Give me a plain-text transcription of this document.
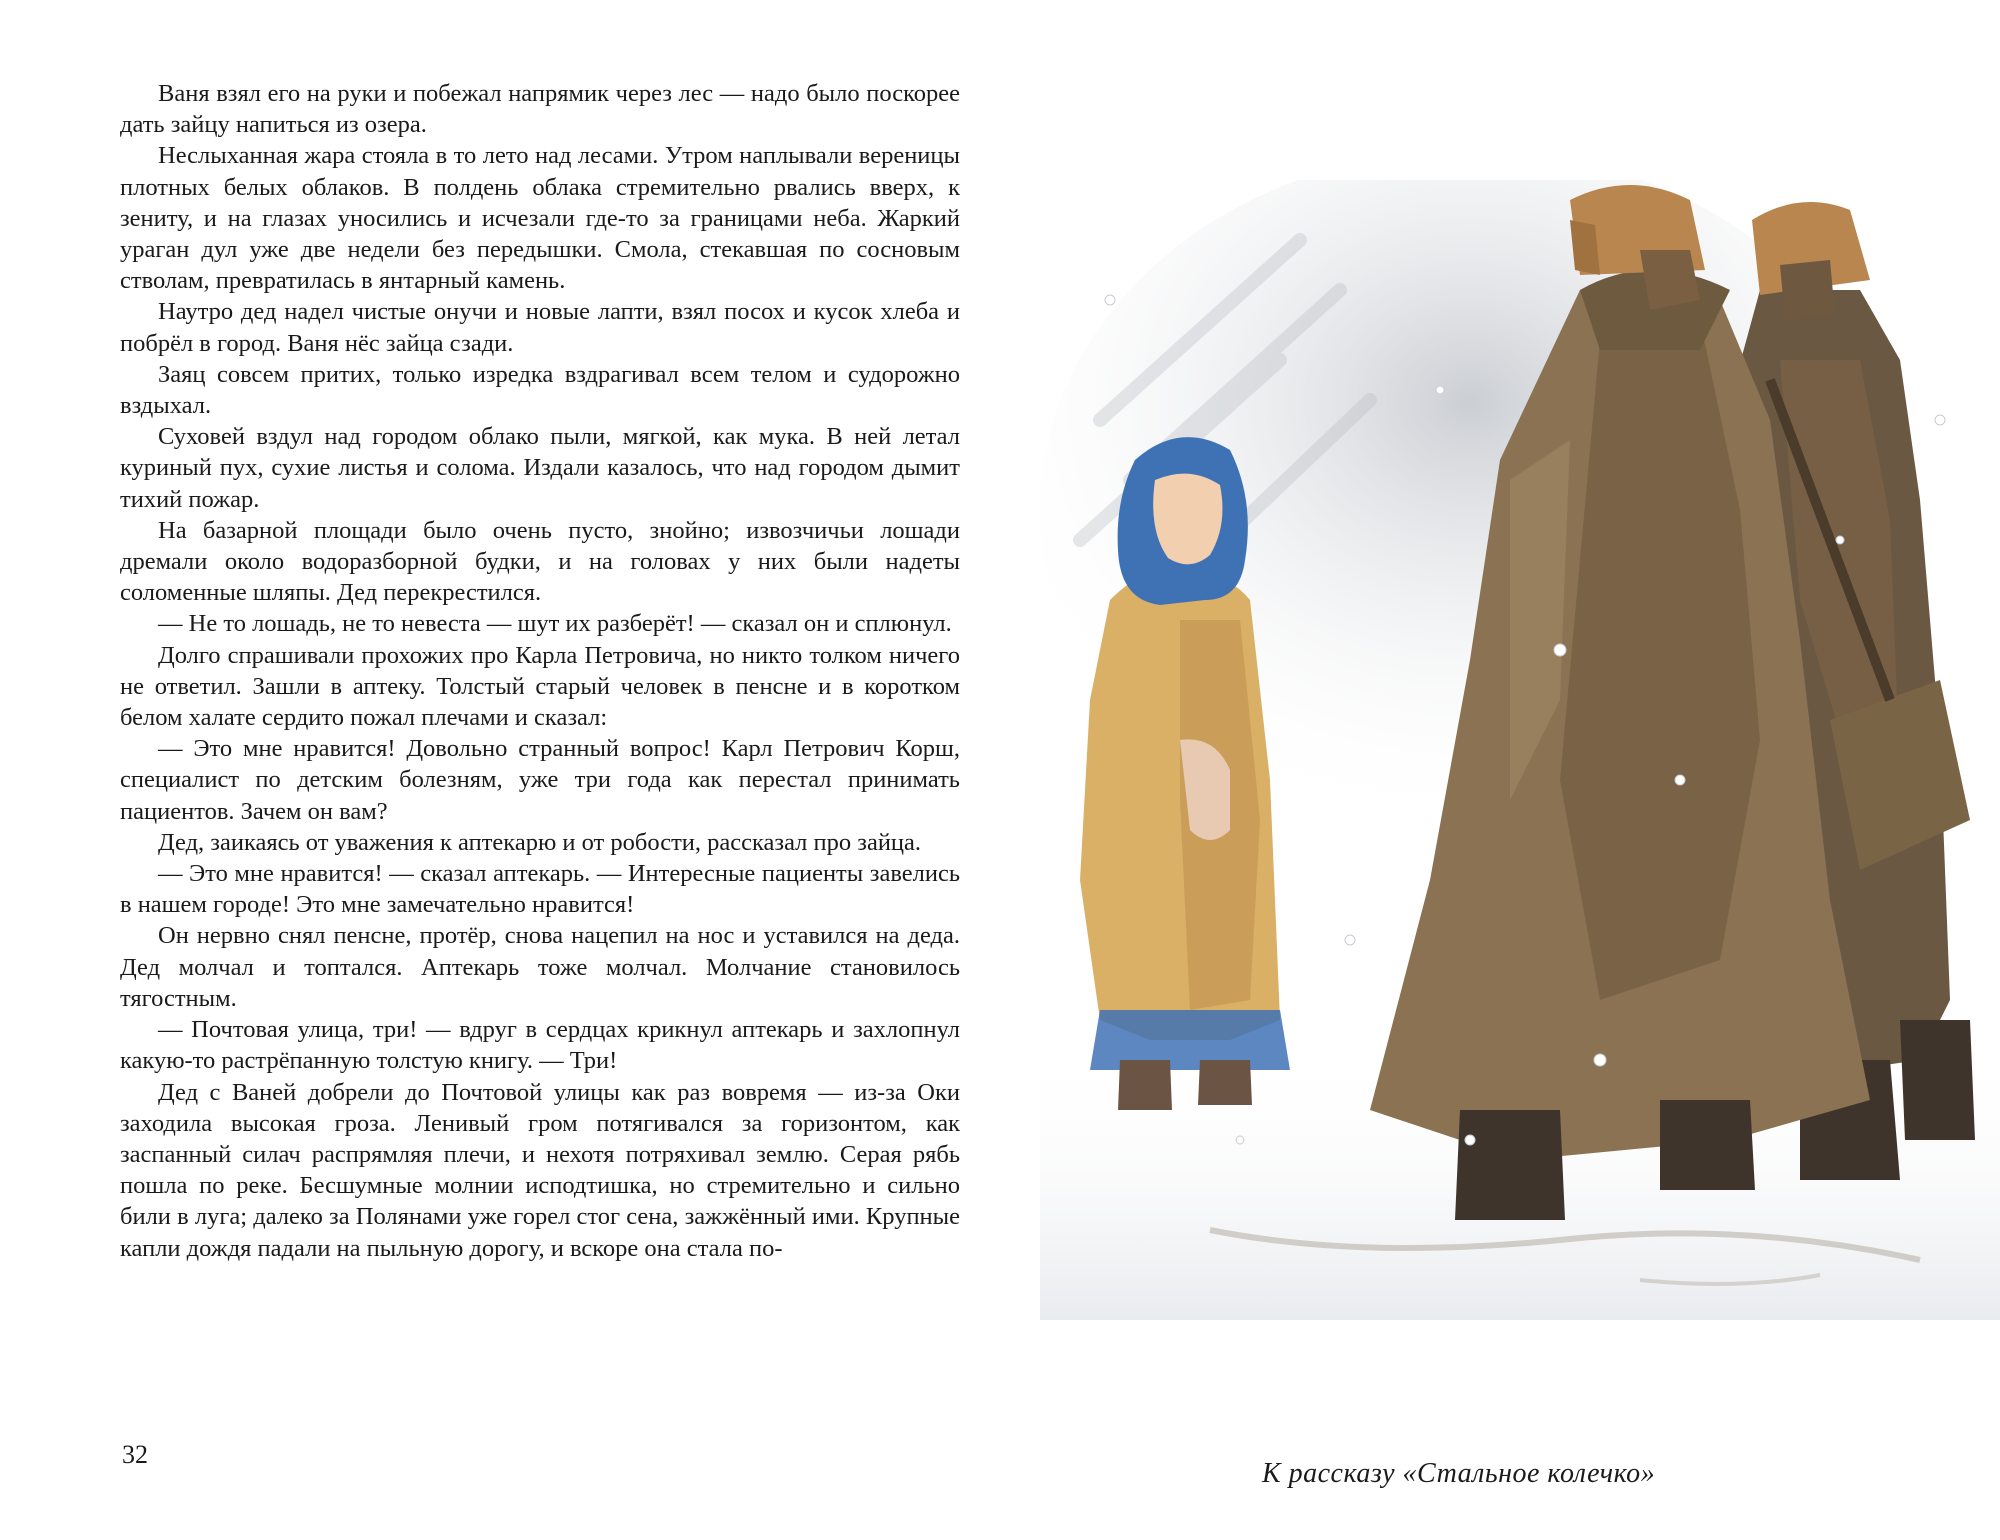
Ваня взял его на руки и побежал напрямик через лес — надо было поскорее дать зайцу напиться из озера.

Неслыханная жара стояла в то лето над лесами. Утром наплывали вереницы плотных белых облаков. В полдень облака стремительно рвались вверх, к зениту, и на глазах уносились и исчезали где-то за границами неба. Жаркий ураган дул уже две недели без передышки. Смола, стекавшая по сосновым стволам, превратилась в янтарный камень.

Наутро дед надел чистые онучи и новые лапти, взял посох и кусок хлеба и побрёл в город. Ваня нёс зайца сзади.

Заяц совсем притих, только изредка вздрагивал всем телом и судорожно вздыхал.

Суховей вздул над городом облако пыли, мягкой, как мука. В ней летал куриный пух, сухие листья и солома. Издали казалось, что над городом дымит тихий пожар.

На базарной площади было очень пусто, знойно; извозчичьи лошади дремали около водоразборной будки, и на головах у них были надеты соломенные шляпы. Дед перекрестился.

— Не то лошадь, не то невеста — шут их разберёт! — сказал он и сплюнул.

Долго спрашивали прохожих про Карла Петровича, но никто толком ничего не ответил. Зашли в аптеку. Толстый старый человек в пенсне и в коротком белом халате сердито пожал плечами и сказал:

— Это мне нравится! Довольно странный вопрос! Карл Петрович Корш, специалист по детским болезням, уже три года как перестал принимать пациентов. Зачем он вам?

Дед, заикаясь от уважения к аптекарю и от робости, рассказал про зайца.

— Это мне нравится! — сказал аптекарь. — Интересные пациенты завелись в нашем городе! Это мне замечательно нравится!

Он нервно снял пенсне, протёр, снова нацепил на нос и уставился на деда. Дед молчал и топтался. Аптекарь тоже молчал. Молчание становилось тягостным.

— Почтовая улица, три! — вдруг в сердцах крикнул аптекарь и захлопнул какую-то растрёпанную толстую книгу. — Три!

Дед с Ваней добрели до Почтовой улицы как раз вовремя — из-за Оки заходила высокая гроза. Ленивый гром потягивался за горизонтом, как заспанный силач распрямляя плечи, и нехотя потряхивал землю. Серая рябь пошла по реке. Бесшумные молнии исподтишка, но стремительно и сильно били в луга; далеко за Полянами уже горел стог сена, зажжённый ими. Крупные капли дождя падали на пыльную дорогу, и вскоре она стала по-

32
К рассказу «Стальное колечко»
